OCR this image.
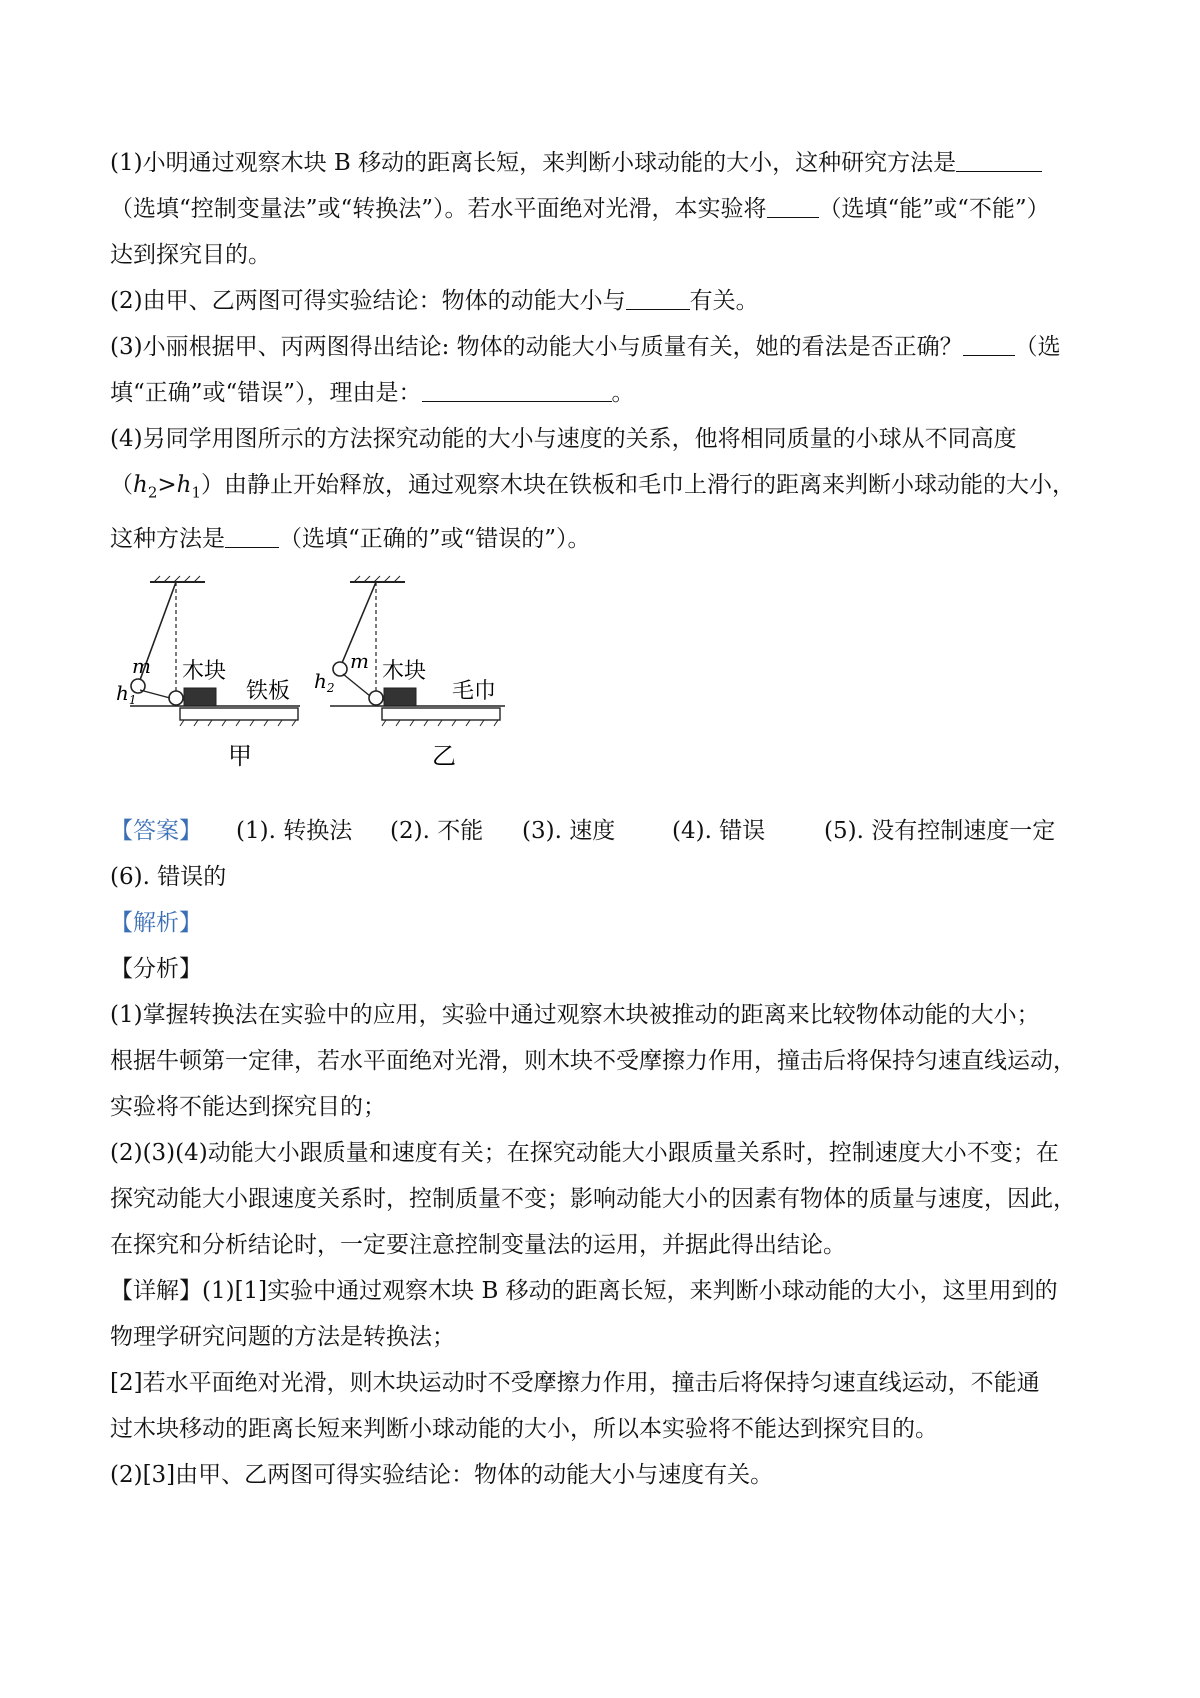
(1)小明通过观察木块 B 移动的距离长短，来判断小球动能的大小，这种研究方法是

（选填“控制变量法”或“转换法”）。若水平面绝对光滑，本实验将 （选填“能”或“不能”）

达到探究目的。

(2)由甲、乙两图可得实验结论：物体的动能大小与	有关。

(3)小丽根据甲、丙两图得出结论: 物体的动能大小与质量有关，她的看法是否正确？ （选

填“正确”或“错误”），理由是：	。

(4)另同学用图所示的方法探究动能的大小与速度的关系，他将相同质量的小球从不同高度

$(h_2>h_1)$由静止开始释放，通过观察木块在铁板和毛巾上滑行的距离来判断小球动能的大小，

这种方法是 （选填“正确的”或“错误的”）。

m
$h_1$
木块
铁板
甲
m
$h_2$
木块
毛巾
乙
【答案】	(1). 转换法	(2). 不能	(3). 速度	(4). 错误	(5). 没有控制速度一定

(6). 错误的

【解析】

【分析】

(1)掌握转换法在实验中的应用，实验中通过观察木块被推动的距离来比较物体动能的大小；

根据牛顿第一定律，若水平面绝对光滑，则木块不受摩擦力作用，撞击后将保持匀速直线运动，

实验将不能达到探究目的；

(2)(3)(4)动能大小跟质量和速度有关；在探究动能大小跟质量关系时，控制速度大小不变；在

探究动能大小跟速度关系时，控制质量不变；影响动能大小的因素有物体的质量与速度，因此，

在探究和分析结论时，一定要注意控制变量法的运用，并据此得出结论。

【详解】(1)[1]实验中通过观察木块 B 移动的距离长短，来判断小球动能的大小，这里用到的

物理学研究问题的方法是转换法；

[2]若水平面绝对光滑，则木块运动时不受摩擦力作用，撞击后将保持匀速直线运动，不能通

过木块移动的距离长短来判断小球动能的大小，所以本实验将不能达到探究目的。

(2)[3]由甲、乙两图可得实验结论：物体的动能大小与速度有关。
